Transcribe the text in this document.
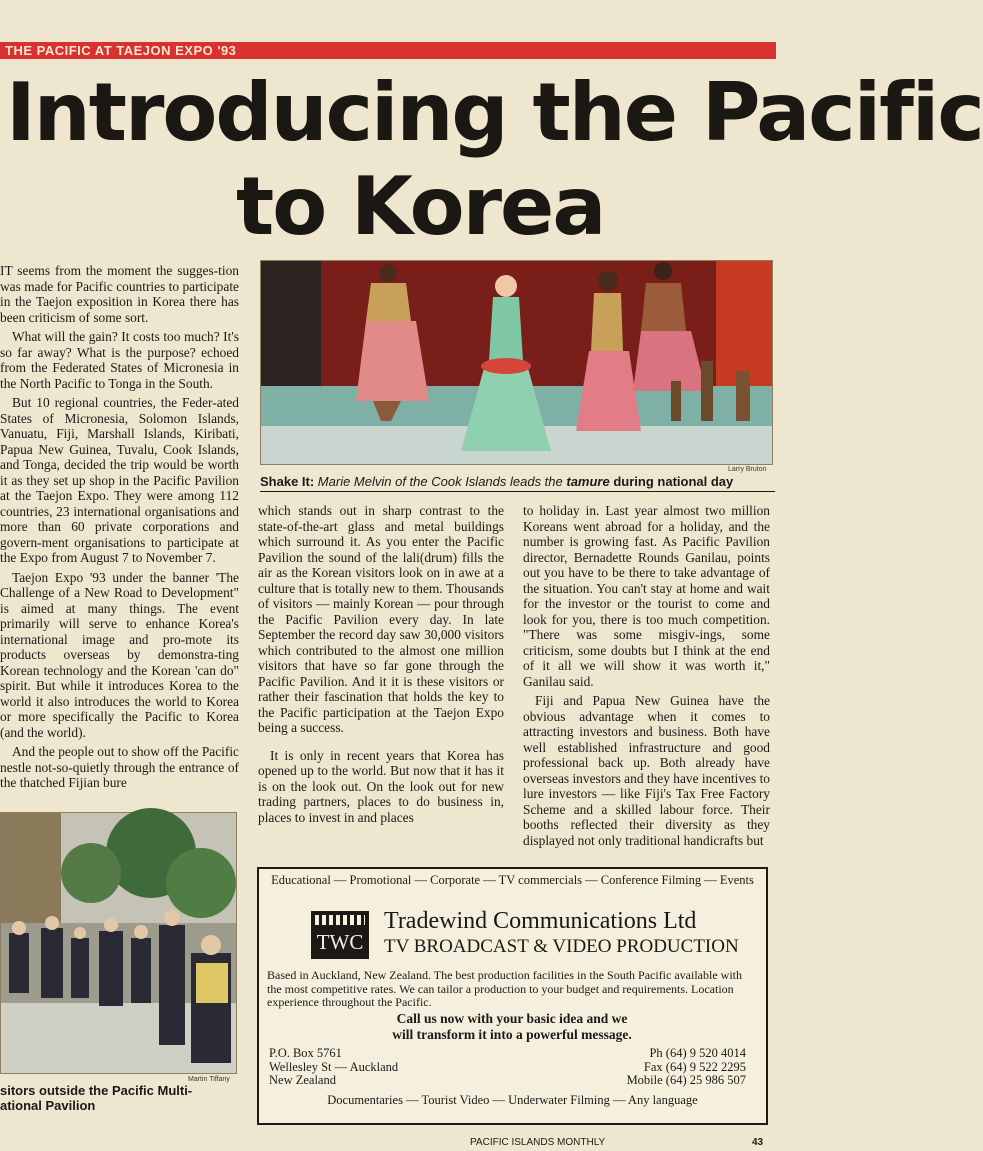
THE PACIFIC AT TAEJON EXPO '93
Introducing the Pacific
to Korea

IT seems from the moment the sugges-tion was made for Pacific countries to participate in the Taejon exposition in Korea there has been criticism of some sort.

What will the gain? It costs too much? It's so far away? What is the purpose? echoed from the Federated States of Micronesia in the North Pacific to Tonga in the South.

But 10 regional countries, the Feder-ated States of Micronesia, Solomon Islands, Vanuatu, Fiji, Marshall Islands, Kiribati, Papua New Guinea, Tuvalu, Cook Islands, and Tonga, decided the trip would be worth it as they set up shop in the Pacific Pavilion at the Taejon Expo. They were among 112 countries, 23 international organisations and more than 60 private corporations and govern-ment organisations to participate at the Expo from August 7 to November 7.

Taejon Expo '93 under the banner 'The Challenge of a New Road to Development" is aimed at many things. The event primarily will serve to enhance Korea's international image and pro-mote its products overseas by demonstra-ting Korean technology and the Korean 'can do" spirit. But while it introduces Korea to the world it also introduces the world to Korea or more specifically the Pacific to Korea (and the world).

And the people out to show off the Pacific nestle not-so-quietly through the entrance of the thatched Fijian bure

Larry Bruton
Shake It: Marie Melvin of the Cook Islands leads the tamure during national day

which stands out in sharp contrast to the state-of-the-art glass and metal buildings which surround it. As you enter the Pacific Pavilion the sound of the lali(drum) fills the air as the Korean visitors look on in awe at a culture that is totally new to them. Thousands of visitors — mainly Korean — pour through the Pacific Pavilion every day. In late September the record day saw 30,000 visitors which contributed to the almost one million visitors that have so far gone through the Pacific Pavilion. And it it is these visitors or rather their fascination that holds the key to the Pacific participation at the Taejon Expo being a success.

It is only in recent years that Korea has opened up to the world. But now that it has it is on the look out. On the look out for new trading partners, places to do business in, places to invest in and places

to holiday in. Last year almost two million Koreans went abroad for a holiday, and the number is growing fast. As Pacific Pavilion director, Bernadette Rounds Ganilau, points out you have to be there to take advantage of the situation. You can't stay at home and wait for the investor or the tourist to come and look for you, there is too much competition. "There was some misgiv-ings, some criticism, some doubts but I think at the end of it all we will show it was worth it," Ganilau said.

Fiji and Papua New Guinea have the obvious advantage when it comes to attracting investors and business. Both have well established infrastructure and good professional back up. Both already have overseas investors and they have incentives to lure investors — like Fiji's Tax Free Factory Scheme and a skilled labour force. Their booths reflected their diversity as they displayed not only traditional handicrafts but

Martin Tiffany
sitors outside the Pacific Multi-
ational Pavilion
Educational — Promotional — Corporate — TV commercials — Conference Filming — Events
TWC
Tradewind Communications Ltd
TV BROADCAST & VIDEO PRODUCTION
Based in Auckland, New Zealand. The best production facilities in the South Pacific available with the most competitive rates. We can tailor a production to your budget and requirements. Location experience throughout the Pacific.
Call us now with your basic idea and we
will transform it into a powerful message.
P.O. Box 5761
Wellesley St — Auckland
New Zealand
Ph (64) 9 520 4014
Fax (64) 9 522 2295
Mobile (64) 25 986 507
Documentaries — Tourist Video — Underwater Filming — Any language
PACIFIC ISLANDS MONTHLY	43
